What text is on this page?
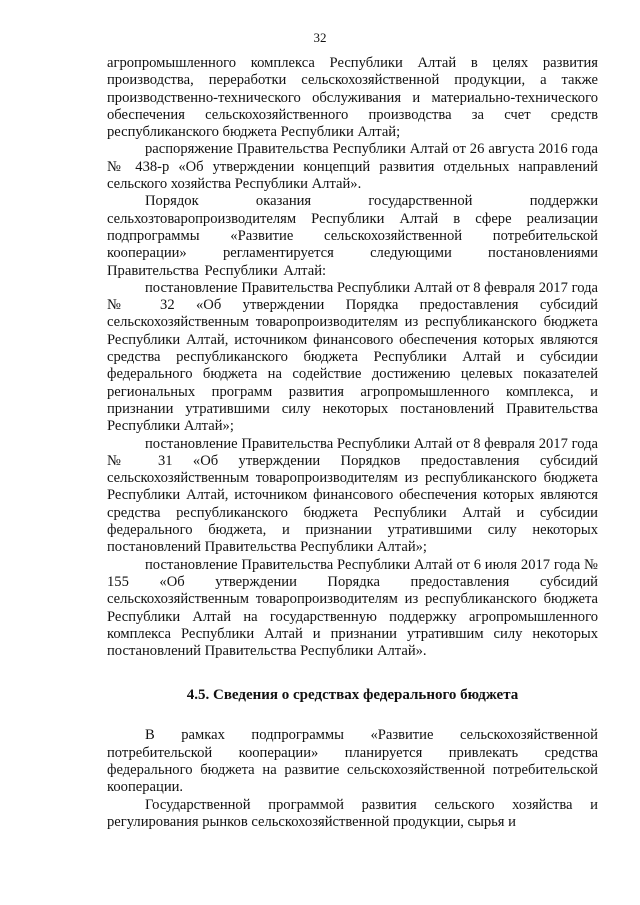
32

агропромышленного комплекса Республики Алтай в целях развития производства, переработки сельскохозяйственной продукции, а также производственно-технического обслуживания и материально-технического обеспечения сельскохозяйственного производства за счет средств республиканского бюджета Республики Алтай;

распоряжение Правительства Республики Алтай от 26 августа 2016 года № 438-р «Об утверждении концепций развития отдельных направлений сельского хозяйства Республики Алтай».

Порядок оказания государственной поддержки сельхозтоваропроизводителям Республики Алтай в сфере реализации подпрограммы «Развитие сельскохозяйственной потребительской кооперации» регламентируется следующими постановлениями Правительства Республики Алтай:

постановление Правительства Республики Алтай от 8 февраля 2017 года № 32 «Об утверждении Порядка предоставления субсидий сельскохозяйственным товаропроизводителям из республиканского бюджета Республики Алтай, источником финансового обеспечения которых являются средства республиканского бюджета Республики Алтай и субсидии федерального бюджета на содействие достижению целевых показателей региональных программ развития агропромышленного комплекса, и признании утратившими силу некоторых постановлений Правительства Республики Алтай»;

постановление Правительства Республики Алтай от 8 февраля 2017 года № 31 «Об утверждении Порядков предоставления субсидий сельскохозяйственным товаропроизводителям из республиканского бюджета Республики Алтай, источником финансового обеспечения которых являются средства республиканского бюджета Республики Алтай и субсидии федерального бюджета, и признании утратившими силу некоторых постановлений Правительства Республики Алтай»;

постановление Правительства Республики Алтай от 6 июля 2017 года № 155 «Об утверждении Порядка предоставления субсидий сельскохозяйственным товаропроизводителям из республиканского бюджета Республики Алтай на государственную поддержку агропромышленного комплекса Республики Алтай и признании утратившим силу некоторых постановлений Правительства Республики Алтай».

4.5. Сведения о средствах федерального бюджета

В рамках подпрограммы «Развитие сельскохозяйственной потребительской кооперации» планируется привлекать средства федерального бюджета на развитие сельскохозяйственной потребительской кооперации.

Государственной программой развития сельского хозяйства и регулирования рынков сельскохозяйственной продукции, сырья и
